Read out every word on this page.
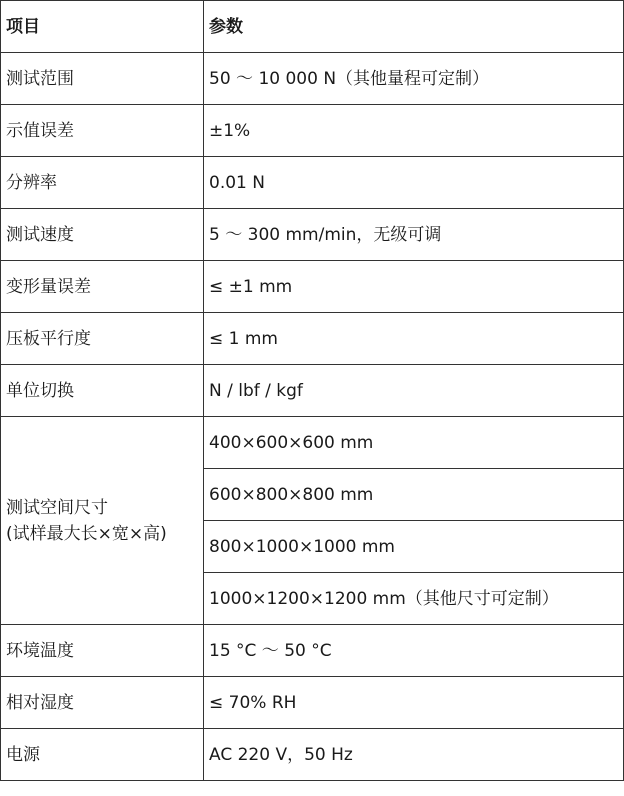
项目	参数
测试范围	50 ～ 10 000 N（其他量程可定制）
示值误差	±1%
分辨率	0.01 N
测试速度	5 ～ 300 mm/min，无级可调
变形量误差	≤ ±1 mm
压板平行度	≤ 1 mm
单位切换	N / lbf / kgf

测试空间尺寸
(试样最大长×宽×高)	400×600×600 mm
	600×800×800 mm
	800×1000×1000 mm
	1000×1200×1200 mm（其他尺寸可定制）
环境温度	15 °C ～ 50 °C
相对湿度	≤ 70% RH
电源	AC 220 V，50 Hz
